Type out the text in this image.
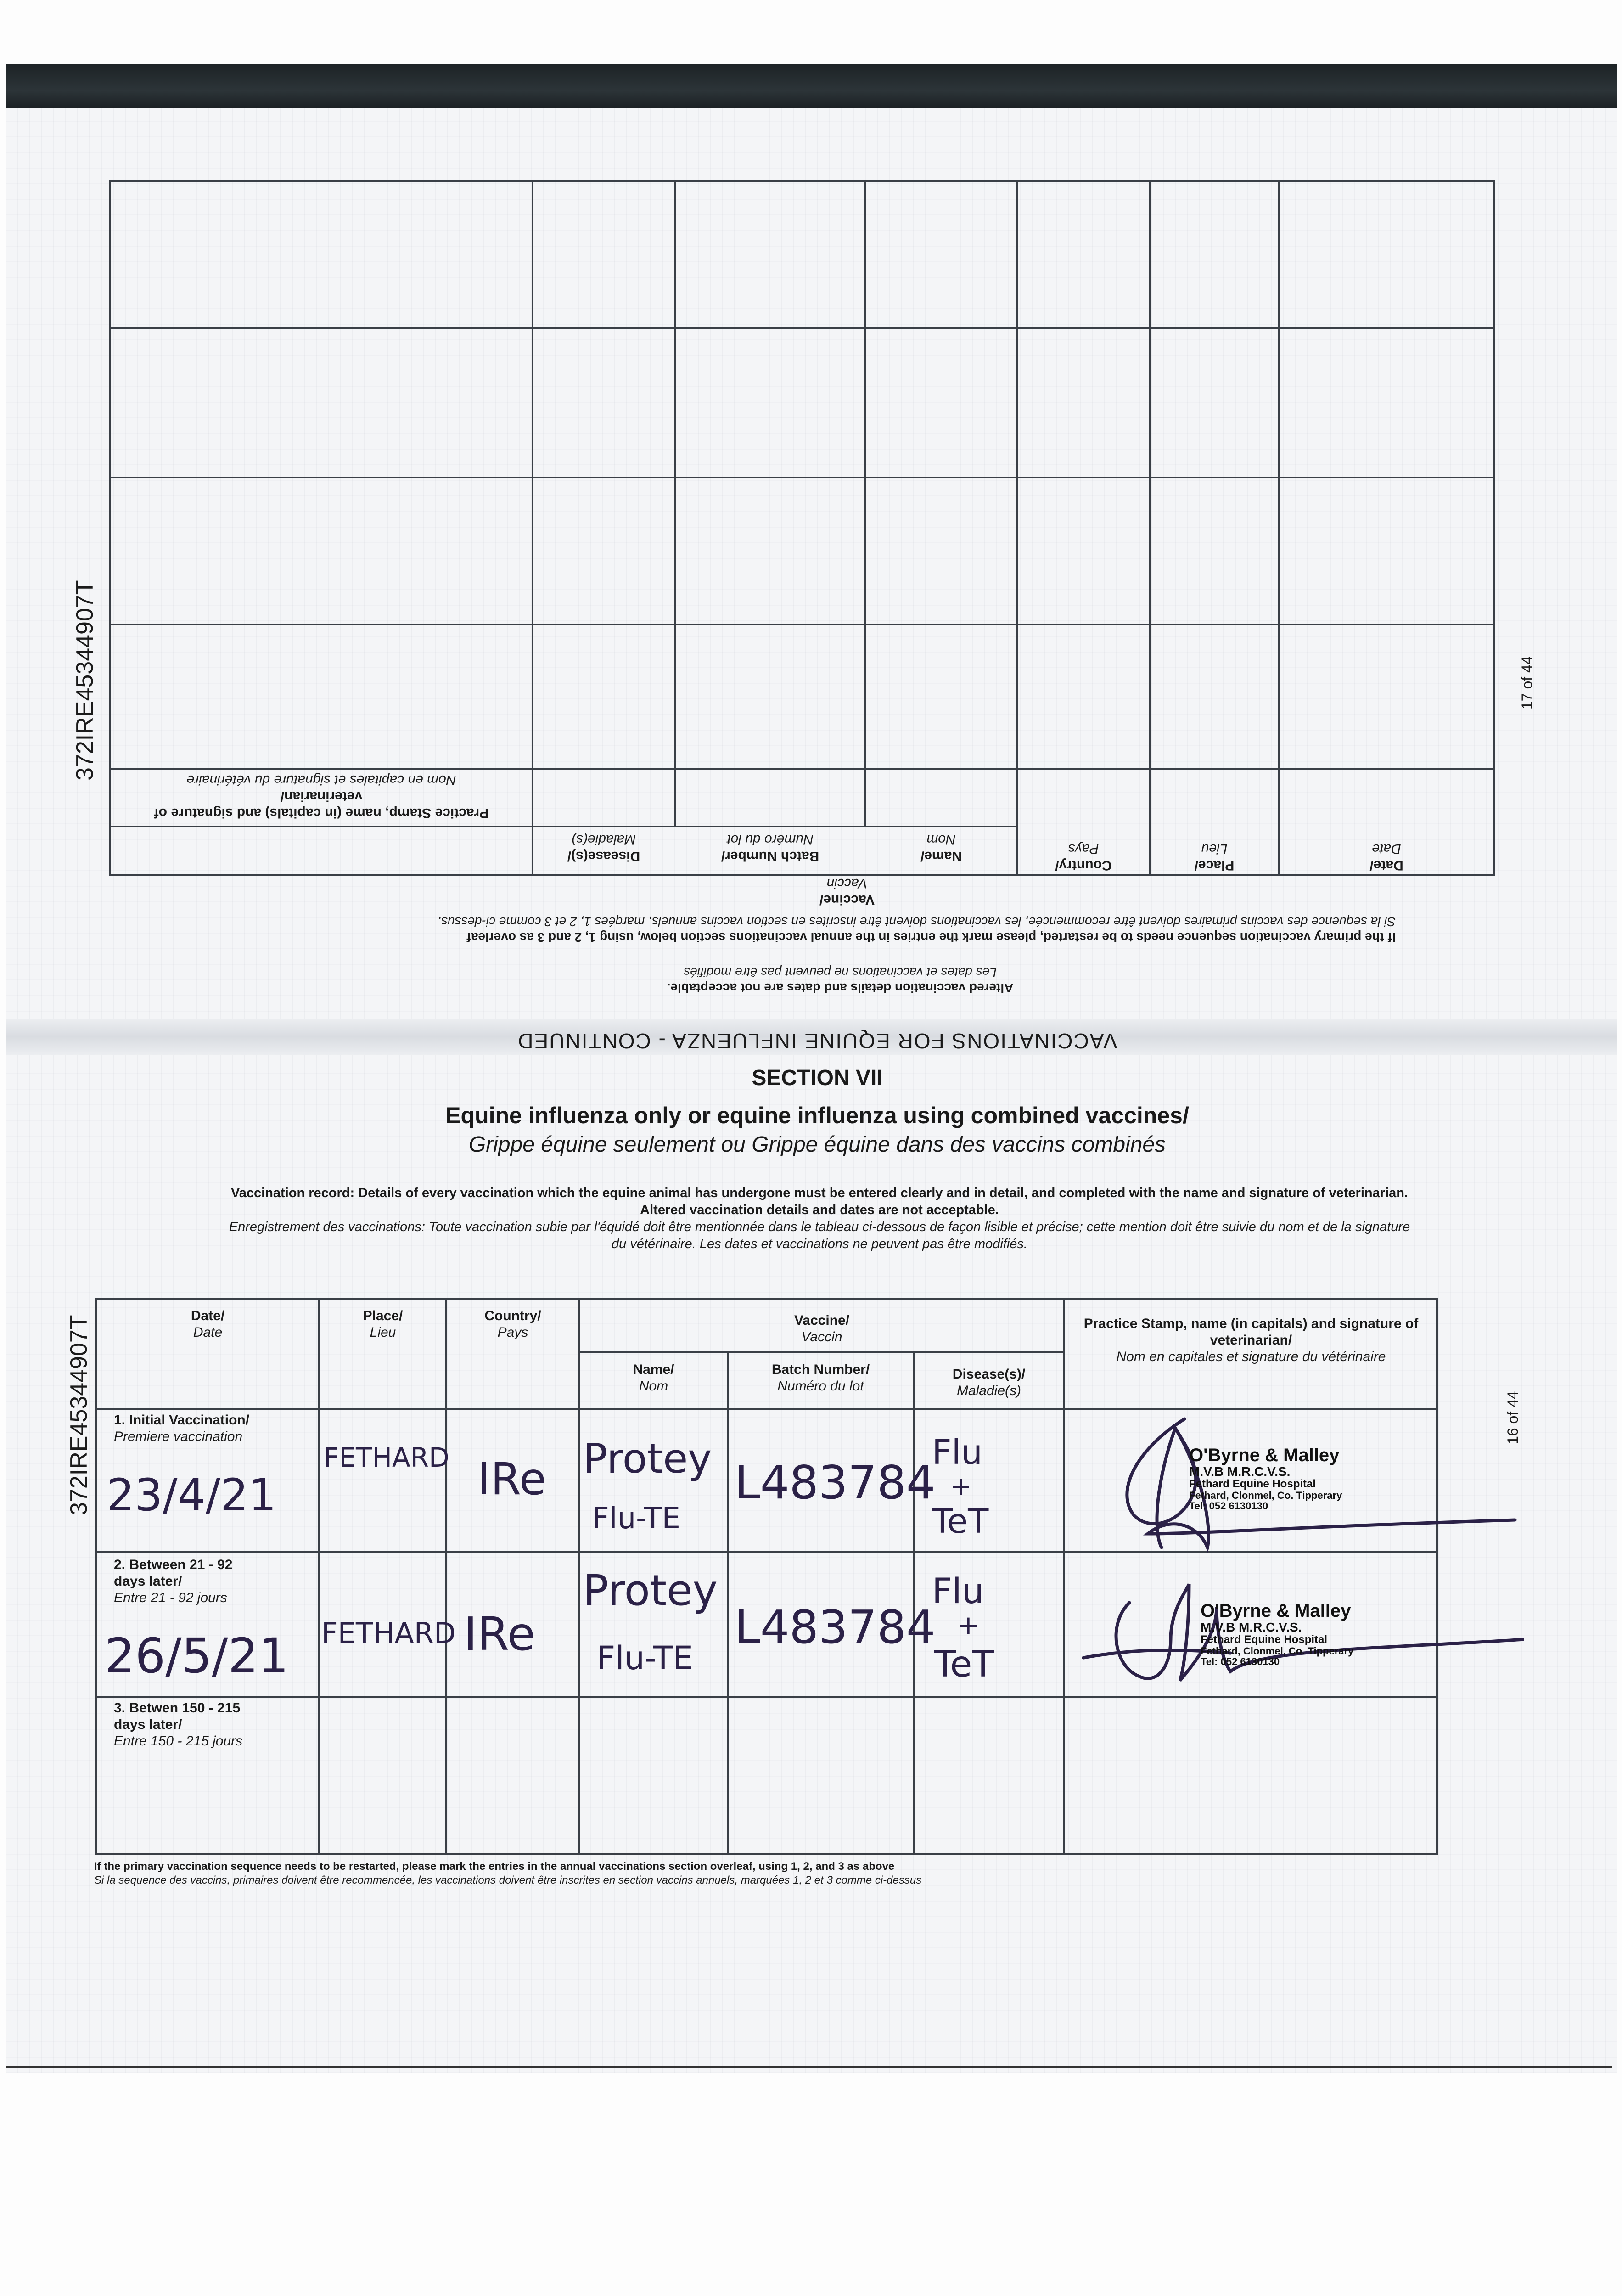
Practice Stamp, name (in capitals) and signature of veterinarian/
Nom en capitales et signature du vétérinaire
Disease(s)/
Maladie(s)
Batch Number/
Numéro du lot
Name/
Nom
Vaccine/
Vaccin
Country/
Pays
Place/
Lieu
Date/
Date
If the primary vaccination sequence needs to be restarted, please mark the entries in the annual vaccinations section below, using 1, 2 and 3 as overleaf
Si la sequence des vaccins primaires doivent être recommencée, les vaccinations doivent être inscrites en section vaccins annuels, marqées 1, 2 et 3 comme ci-dessus.
Altered vaccination details and dates are not acceptable.
Les dates et vaccinations ne peuvent pas être modifiés
VACCINATIONS FOR EQUINE INFLUENZA - CONTINUED
372IRE45344907T	17 of 44
372IRE45344907T	16 of 44
SECTION VII
Equine influenza only or equine influenza using combined vaccines/
Grippe équine seulement ou Grippe équine dans des vaccins combinés
Vaccination record: Details of every vaccination which the equine animal has undergone must be entered clearly and in detail, and completed with the name and signature of veterinarian.
Altered vaccination details and dates are not acceptable.
Enregistrement des vaccinations: Toute vaccination subie par l'équidé doit être mentionnée dans le tableau ci-dessous de façon lisible et précise; cette mention doit être suivie du nom et de la signature
du vétérinaire. Les dates et vaccinations ne peuvent pas être modifiés.
Date/
Date
Place/
Lieu
Country/
Pays
Vaccine/
Vaccin
Name/
Nom
Batch Number/
Numéro du lot
Disease(s)/
Maladie(s)
Practice Stamp, name (in capitals) and signature of veterinarian/
Nom en capitales et signature du vétérinaire
1. Initial Vaccination/
Premiere vaccination
2. Between 21 - 92
days later/
Entre 21 - 92 jours
3. Betwen 150 - 215
days later/
Entre 150 - 215 jours
23/4/21
FETHARD IRe Protey
Flu-TE
L483784
Flu
+
TeT
26/5/21 FETHARD IRe
Protey
Flu-TE
L483784
Flu
+
TeT
O'Byrne & Malley
M.V.B M.R.C.V.S.
Fethard Equine Hospital
Fethard, Clonmel, Co. Tipperary
Tel: 052 6130130
O'Byrne & Malley
M.V.B M.R.C.V.S.
Fethard Equine Hospital
Fethard, Clonmel, Co. Tipperary
Tel: 052 6130130
If the primary vaccination sequence needs to be restarted, please mark the entries in the annual vaccinations section overleaf, using 1, 2, and 3 as above
Si la sequence des vaccins, primaires doivent être recommencée, les vaccinations doivent être inscrites en section vaccins annuels, marquées 1, 2 et 3 comme ci-dessus
